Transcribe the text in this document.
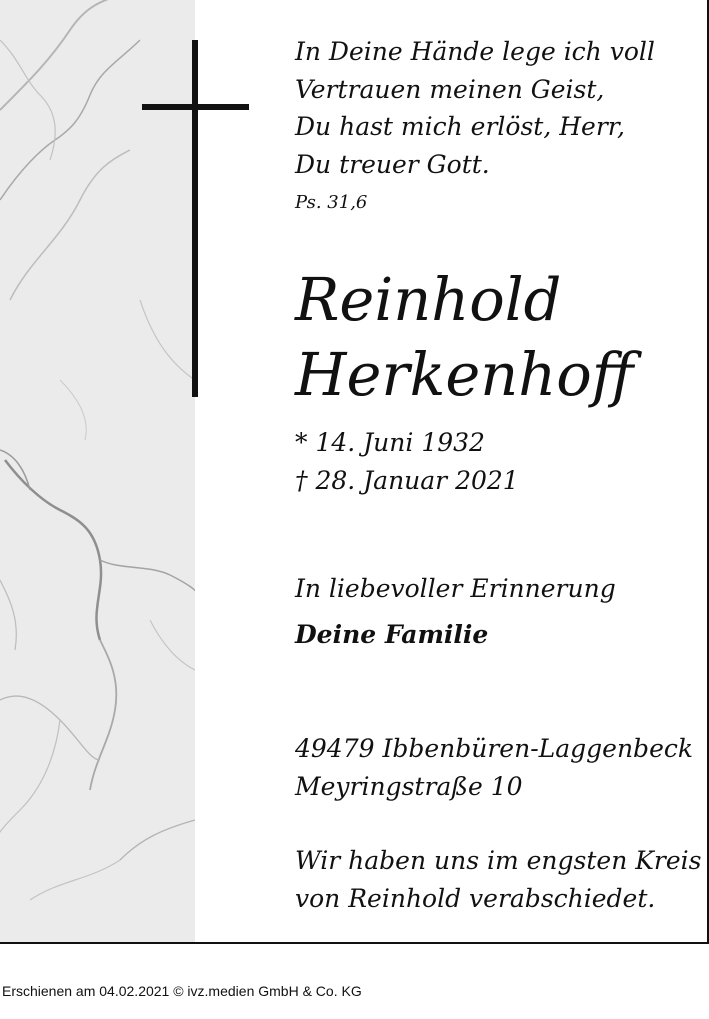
In Deine Hände lege ich voll
Vertrauen meinen Geist,
Du hast mich erlöst, Herr,
Du treuer Gott.
Ps. 31,6
Reinhold
Herkenhoff
* 14. Juni 1932
† 28. Januar 2021
In liebevoller Erinnerung
Deine Familie
49479 Ibbenbüren-Laggenbeck
Meyringstraße 10
Wir haben uns im engsten Kreis
von Reinhold verabschiedet.
Erschienen am 04.02.2021 © ivz.medien GmbH & Co. KG
